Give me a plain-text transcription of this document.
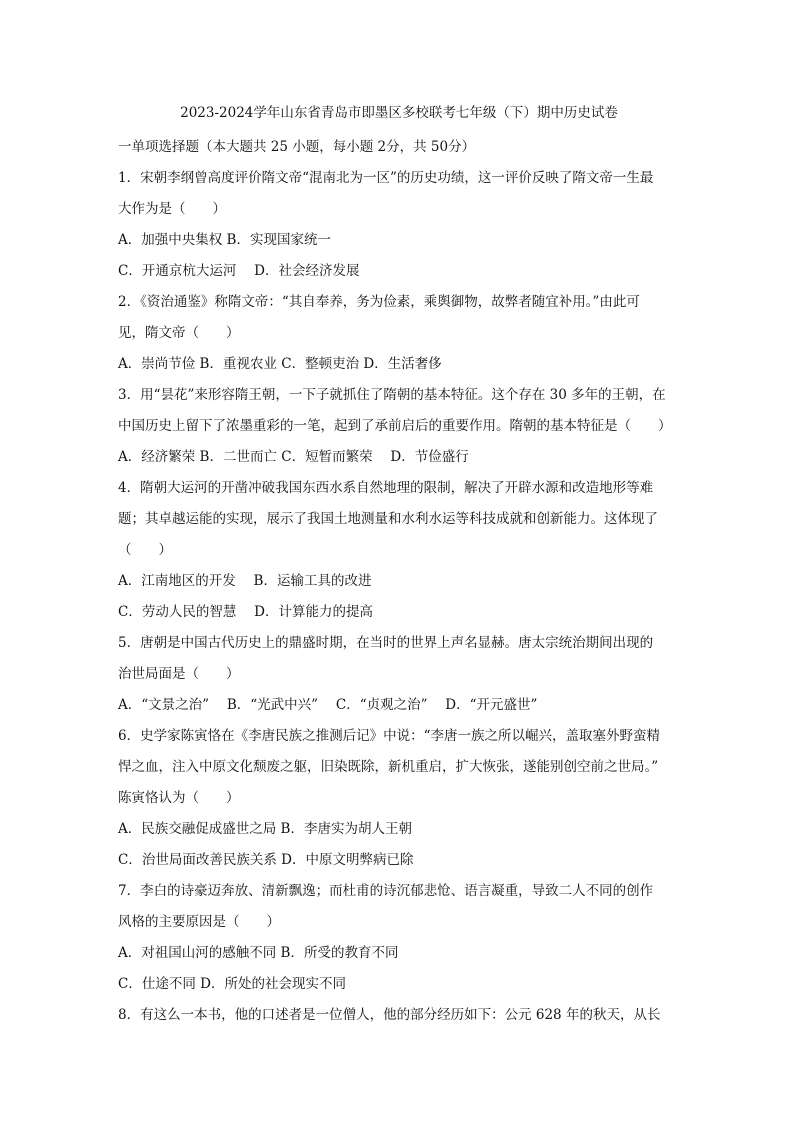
2023-2024学年山东省青岛市即墨区多校联考七年级（下）期中历史试卷
一单项选择题（本大题共 25 小题，每小题 2分，共 50分）
1．宋朝李纲曾高度评价隋文帝“混南北为一区”的历史功绩，这一评价反映了隋文帝一生最
大作为是（　　）
A．加强中央集权 B．实现国家统一
C．开通京杭大运河　 D．社会经济发展
2．《资治通鉴》称隋文帝：“其自奉养，务为俭素，乘舆御物，故弊者随宜补用。”由此可
见，隋文帝（　　）
A．崇尚节俭 B．重视农业 C．整顿吏治 D．生活奢侈
3．用“昙花”来形容隋王朝，一下子就抓住了隋朝的基本特征。这个存在 30 多年的王朝，在
中国历史上留下了浓墨重彩的一笔，起到了承前启后的重要作用。隋朝的基本特征是（　　）
A．经济繁荣 B．二世而亡 C．短暂而繁荣　 D．节俭盛行
4．隋朝大运河的开凿冲破我国东西水系自然地理的限制，解决了开辟水源和改造地形等难
题；其卓越运能的实现，展示了我国土地测量和水利水运等科技成就和创新能力。这体现了
（　　）
A．江南地区的开发　 B．运输工具的改进
C．劳动人民的智慧　 D．计算能力的提高
5．唐朝是中国古代历史上的鼎盛时期，在当时的世界上声名显赫。唐太宗统治期间出现的
治世局面是（　　）
A．“文景之治”　 B．“光武中兴”　 C．“贞观之治”　 D．“开元盛世”
6．史学家陈寅恪在《李唐民族之推测后记》中说：“李唐一族之所以崛兴，盖取塞外野蛮精
悍之血，注入中原文化颓废之躯，旧染既除，新机重启，扩大恢张，遂能别创空前之世局。”
陈寅恪认为（　　）
A．民族交融促成盛世之局 B．李唐实为胡人王朝
C．治世局面改善民族关系 D．中原文明弊病已除
7．李白的诗豪迈奔放、清新飘逸；而杜甫的诗沉郁悲怆、语言凝重，导致二人不同的创作
风格的主要原因是（　　）
A．对祖国山河的感触不同 B．所受的教育不同
C．仕途不同 D．所处的社会现实不同
8．有这么一本书，他的口述者是一位僧人，他的部分经历如下：公元 628 年的秋天，从长
